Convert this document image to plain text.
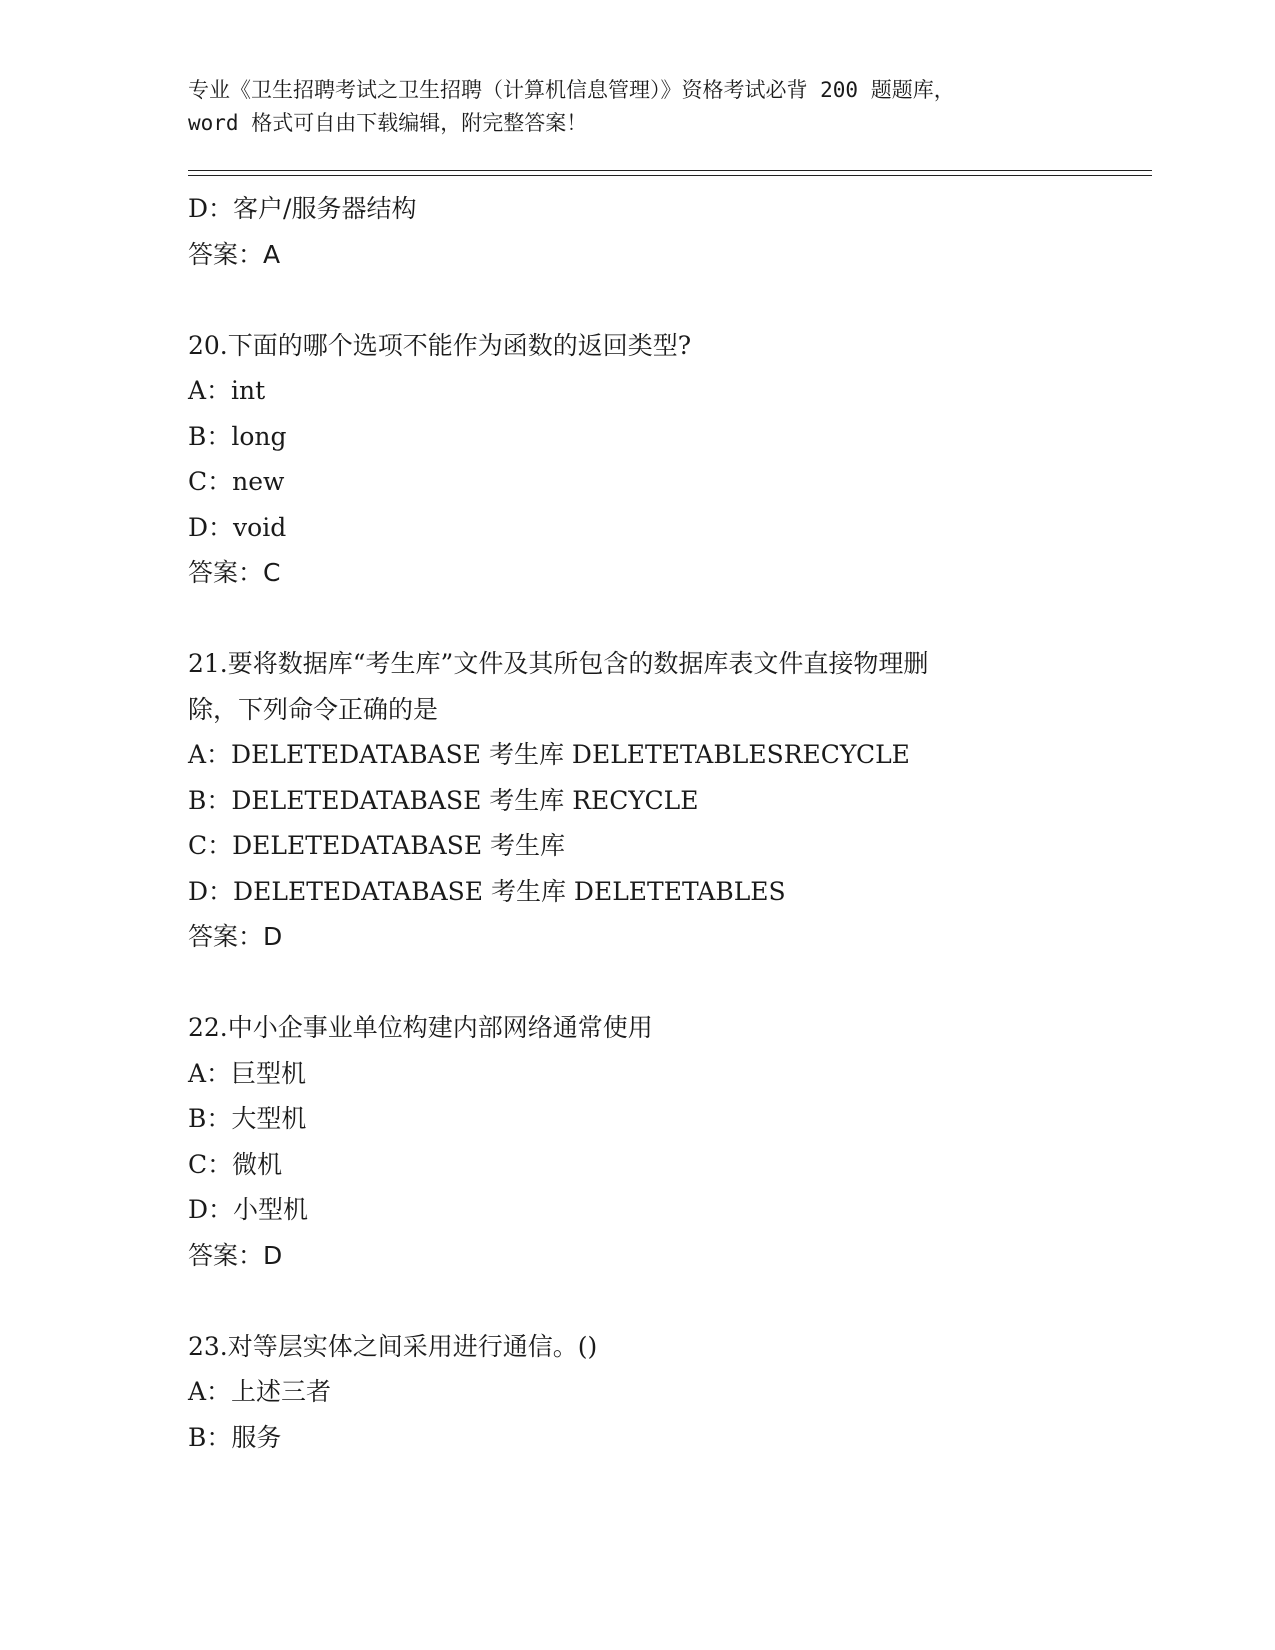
专业《卫生招聘考试之卫生招聘（计算机信息管理）》资格考试必背 200 题题库，
word 格式可自由下载编辑，附完整答案！
D：客户/服务器结构
答案：A
20.下面的哪个选项不能作为函数的返回类型?
A：int
B：long
C：new
D：void
答案：C
21.要将数据库“考生库”文件及其所包含的数据库表文件直接物理删
除，下列命令正确的是
A：DELETEDATABASE 考生库 DELETETABLESRECYCLE
B：DELETEDATABASE 考生库 RECYCLE
C：DELETEDATABASE 考生库
D：DELETEDATABASE 考生库 DELETETABLES
答案：D
22.中小企事业单位构建内部网络通常使用
A：巨型机
B：大型机
C：微机
D：小型机
答案：D
23.对等层实体之间采用进行通信。()
A：上述三者
B：服务
